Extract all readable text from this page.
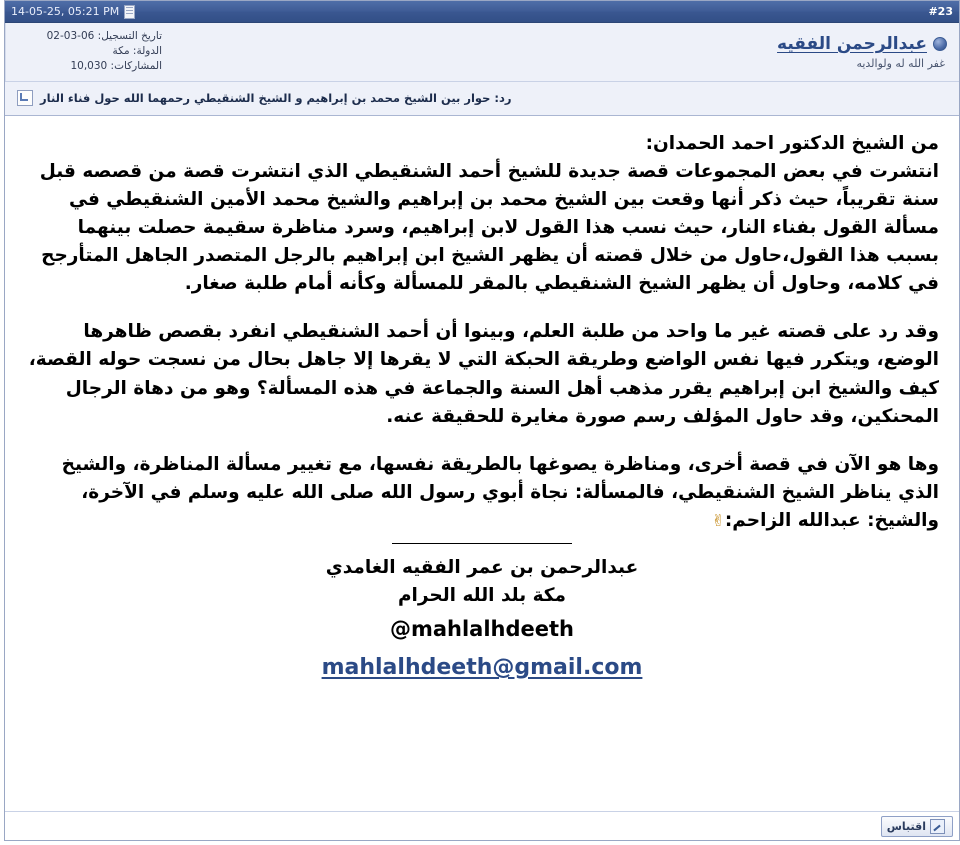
#23
14-05-25, 05:21 PM
عبدالرحمن الفقيه
غفر الله له ولوالديه
تاريخ التسجيل: 06-03-02
الدولة: مكة
المشاركات: 10,030
رد: حوار بين الشيخ محمد بن إبراهيم و الشيخ الشنقيطي رحمهما الله حول فناء النار

من الشيخ الدكتور احمد الحمدان:

انتشرت في بعض المجموعات قصة جديدة للشيخ أحمد الشنقيطي الذي انتشرت قصة من قصصه قبل سنة تقريباً، حيث ذكر أنها وقعت بين الشيخ محمد بن إبراهيم والشيخ محمد الأمين الشنقيطي في مسألة القول بفناء النار، حيث نسب هذا القول لابن إبراهيم، وسرد مناظرة سقيمة حصلت بينهما بسبب هذا القول،حاول من خلال قصته أن يظهر الشيخ ابن إبراهيم بالرجل المتصدر الجاهل المتأرجح في كلامه، وحاول أن يظهر الشيخ الشنقيطي بالمقر للمسألة وكأنه أمام طلبة صغار.

وقد رد على قصته غير ما واحد من طلبة العلم، وبينوا أن أحمد الشنقيطي انفرد بقصص ظاهرها الوضع، ويتكرر فيها نفس الواضع وطريقة الحبكة التي لا يقرها إلا جاهل بحال من نسجت حوله القصة، كيف والشيخ ابن إبراهيم يقرر مذهب أهل السنة والجماعة في هذه المسألة؟ وهو من دهاة الرجال المحنكين، وقد حاول المؤلف رسم صورة مغايرة للحقيقة عنه.

وها هو الآن في قصة أخرى، ومناظرة يصوغها بالطريقة نفسها، مع تغيير مسألة المناظرة، والشيخ الذي يناظر الشيخ الشنقيطي، فالمسألة: نجاة أبوي رسول الله صلى الله عليه وسلم في الآخرة، والشيخ: عبدالله الزاحم:✌

عبدالرحمن بن عمر الفقيه الغامدي
مكة بلد الله الحرام
@mahlalhdeeth
mahlalhdeeth@gmail.com
اقتباس
